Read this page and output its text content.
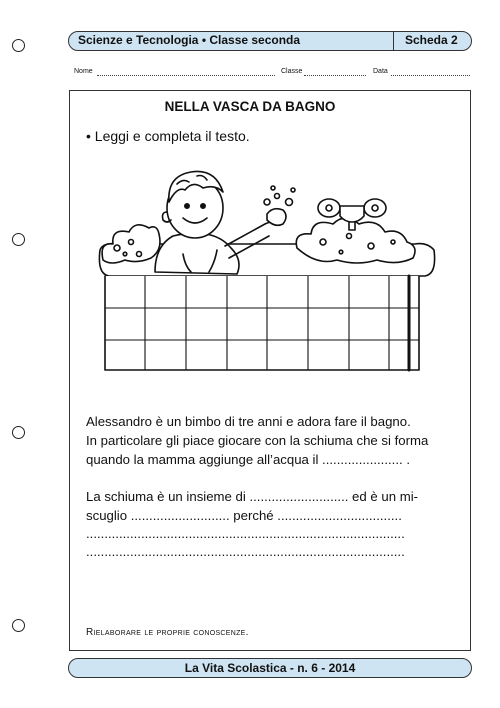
Scienze e Tecnologia • Classe seconda	Scheda 2
Nome	Classe	Data
NELLA VASCA DA BAGNO
• Leggi e completa il testo.
Alessandro è un bimbo di tre anni e adora fare il bagno.
In particolare gli piace giocare con la schiuma che si forma
quando la mamma aggiunge all’acqua il ...................... .
La schiuma è un insieme di ........................... ed è un mi-
scuglio ........................... perché ..................................
.......................................................................................
.......................................................................................
Rielaborare le proprie conoscenze.
La Vita Scolastica - n. 6 - 2014
